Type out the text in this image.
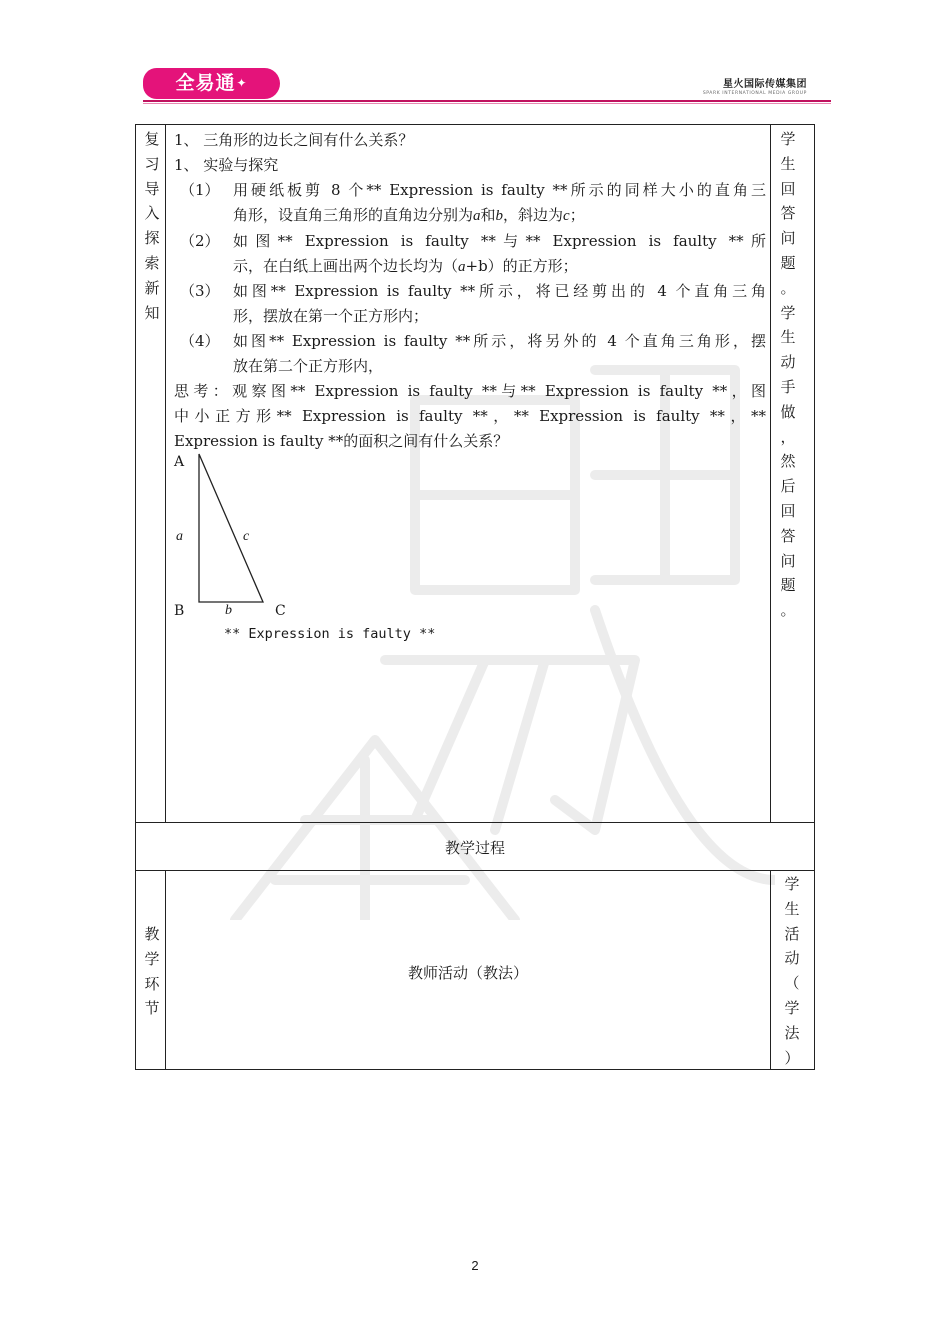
全易通✦	星火国际传媒集团
SPARK INTERNATIONAL MEDIA GROUP
复
习
导
入
探
索
新
知
学
生
回
答
问
题
。
学
生
动
手
做
，
然
后
回
答
问
题
。
1、 三角形的边长之间有什么关系？
1、 实验与探究
（1） 用硬纸板剪 8 个** Expression is faulty **所示的同样大小的直角三
角形，设直角三角形的直角边分别为a和b，斜边为c；
（2） 如图** Expression is faulty **与** Expression is faulty **所
示，在白纸上画出两个边长均为（a+b）的正方形；
（3） 如图** Expression is faulty **所示，将已经剪出的 4 个直角三角
形，摆放在第一个正方形内；
（4） 如图** Expression is faulty **所示，将另外的 4 个直角三角形，摆
放在第二个正方形内，
思考：观察图** Expression is faulty **与** Expression is faulty **，图
中小正方形** Expression is faulty **，** Expression is faulty **，**
Expression is faulty **的面积之间有什么关系？
A
B	C
a
b
c
** Expression is faulty **
教学过程
教
学
环
节
教师活动（教法）
学
生
活
动
（
学
法
）
2
